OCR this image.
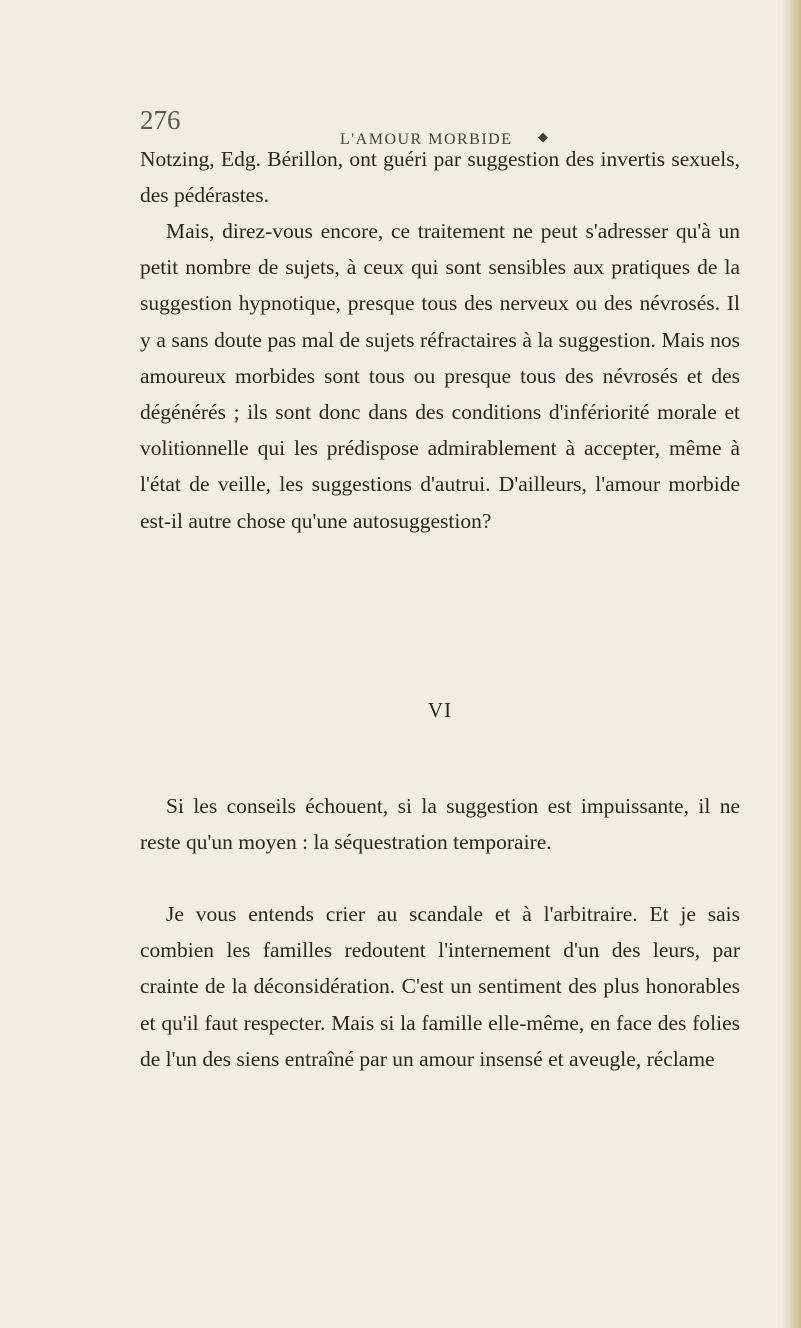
276
L'AMOUR MORBIDE ◆

Notzing, Edg. Bérillon, ont guéri par suggestion des invertis sexuels, des pédérastes.

Mais, direz-vous encore, ce traitement ne peut s'adresser qu'à un petit nombre de sujets, à ceux qui sont sensibles aux pratiques de la suggestion hypnotique, presque tous des nerveux ou des névrosés. Il y a sans doute pas mal de sujets réfractaires à la suggestion. Mais nos amoureux morbides sont tous ou presque tous des névrosés et des dégénérés ; ils sont donc dans des conditions d'infériorité morale et volitionnelle qui les prédispose admirablement à accepter, même à l'état de veille, les suggestions d'autrui. D'ailleurs, l'amour morbide est-il autre chose qu'une autosuggestion?

VI

Si les conseils échouent, si la suggestion est impuissante, il ne reste qu'un moyen : la séquestration temporaire.

Je vous entends crier au scandale et à l'arbitraire. Et je sais combien les familles redoutent l'internement d'un des leurs, par crainte de la déconsidération. C'est un sentiment des plus honorables et qu'il faut respecter. Mais si la famille elle-même, en face des folies de l'un des siens entraîné par un amour insensé et aveugle, réclame
